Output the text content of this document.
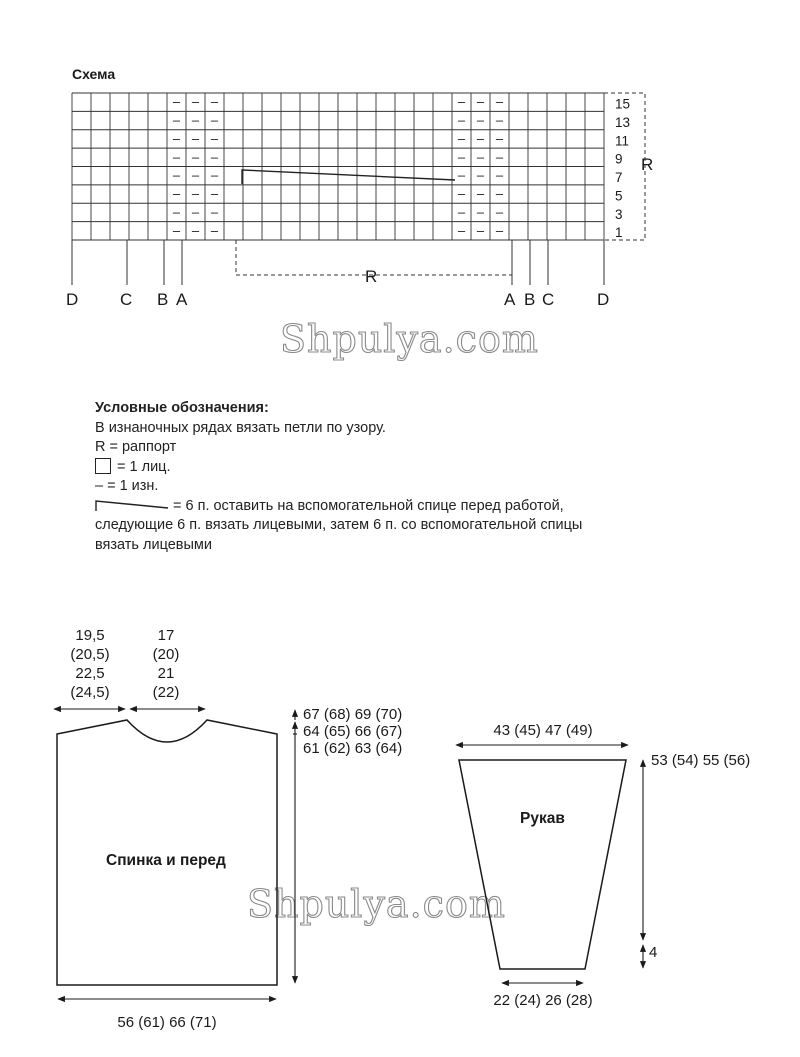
Схема
–
–
–
–
–
–
–
–
–
–
–
–
–
–
–
–
–
–
–
–
–
–
–
–
–
–
–
–
–
–
–
–
–
–
–
–
–
–
–
–
–
–
–
–
–
–
–
–
15
13
11
9
7
5
3
1
R
R
D C B A	A B C	D
Shpulya.com
Shpulya.com
Спинка и перед
19,5
(20,5)
22,5
(24,5)
17
(20)
21
(22)
67 (68) 69 (70)
64 (65) 66 (67)
61 (62) 63 (64)
56 (61) 66 (71)
Рукав
43 (45) 47 (49)
53 (54) 55 (56)
4
22 (24) 26 (28)
Условные обозначения:
В изнаночных рядах вязать петли по узору.
R = раппорт
= 1 лиц.
– = 1 изн.
= 6 п. оставить на вспомогательной спице перед работой,
следующие 6 п. вязать лицевыми, затем 6 п. со вспомогательной спицы
вязать лицевыми
